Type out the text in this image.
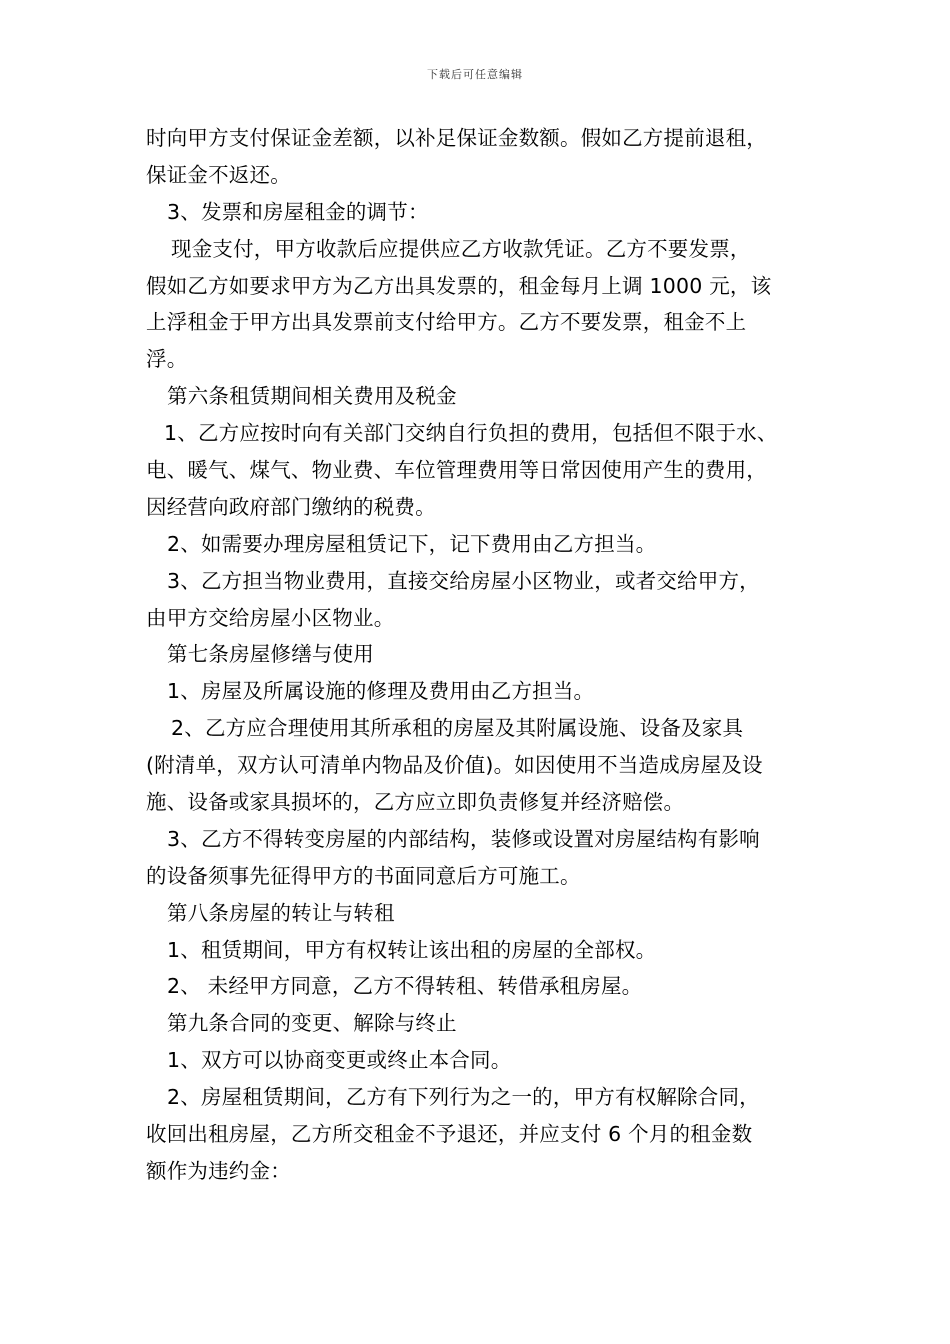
下载后可任意编辑
时向甲方支付保证金差额，以补足保证金数额。假如乙方提前退租，
保证金不返还。
3、发票和房屋租金的调节：
现金支付，甲方收款后应提供应乙方收款凭证。乙方不要发票，
假如乙方如要求甲方为乙方出具发票的，租金每月上调 1000 元，该
上浮租金于甲方出具发票前支付给甲方。乙方不要发票，租金不上
浮。
第六条租赁期间相关费用及税金
1、乙方应按时向有关部门交纳自行负担的费用，包括但不限于水、
电、暖气、煤气、物业费、车位管理费用等日常因使用产生的费用，
因经营向政府部门缴纳的税费。
2、如需要办理房屋租赁记下，记下费用由乙方担当。
3、乙方担当物业费用，直接交给房屋小区物业，或者交给甲方，
由甲方交给房屋小区物业。
第七条房屋修缮与使用
1、房屋及所属设施的修理及费用由乙方担当。
2、乙方应合理使用其所承租的房屋及其附属设施、设备及家具
(附清单，双方认可清单内物品及价值)。如因使用不当造成房屋及设
施、设备或家具损坏的，乙方应立即负责修复并经济赔偿。
3、乙方不得转变房屋的内部结构，装修或设置对房屋结构有影响
的设备须事先征得甲方的书面同意后方可施工。
第八条房屋的转让与转租
1、租赁期间，甲方有权转让该出租的房屋的全部权。
2、 未经甲方同意，乙方不得转租、转借承租房屋。
第九条合同的变更、解除与终止
1、双方可以协商变更或终止本合同。
2、房屋租赁期间，乙方有下列行为之一的，甲方有权解除合同，
收回出租房屋，乙方所交租金不予退还，并应支付 6 个月的租金数
额作为违约金：
